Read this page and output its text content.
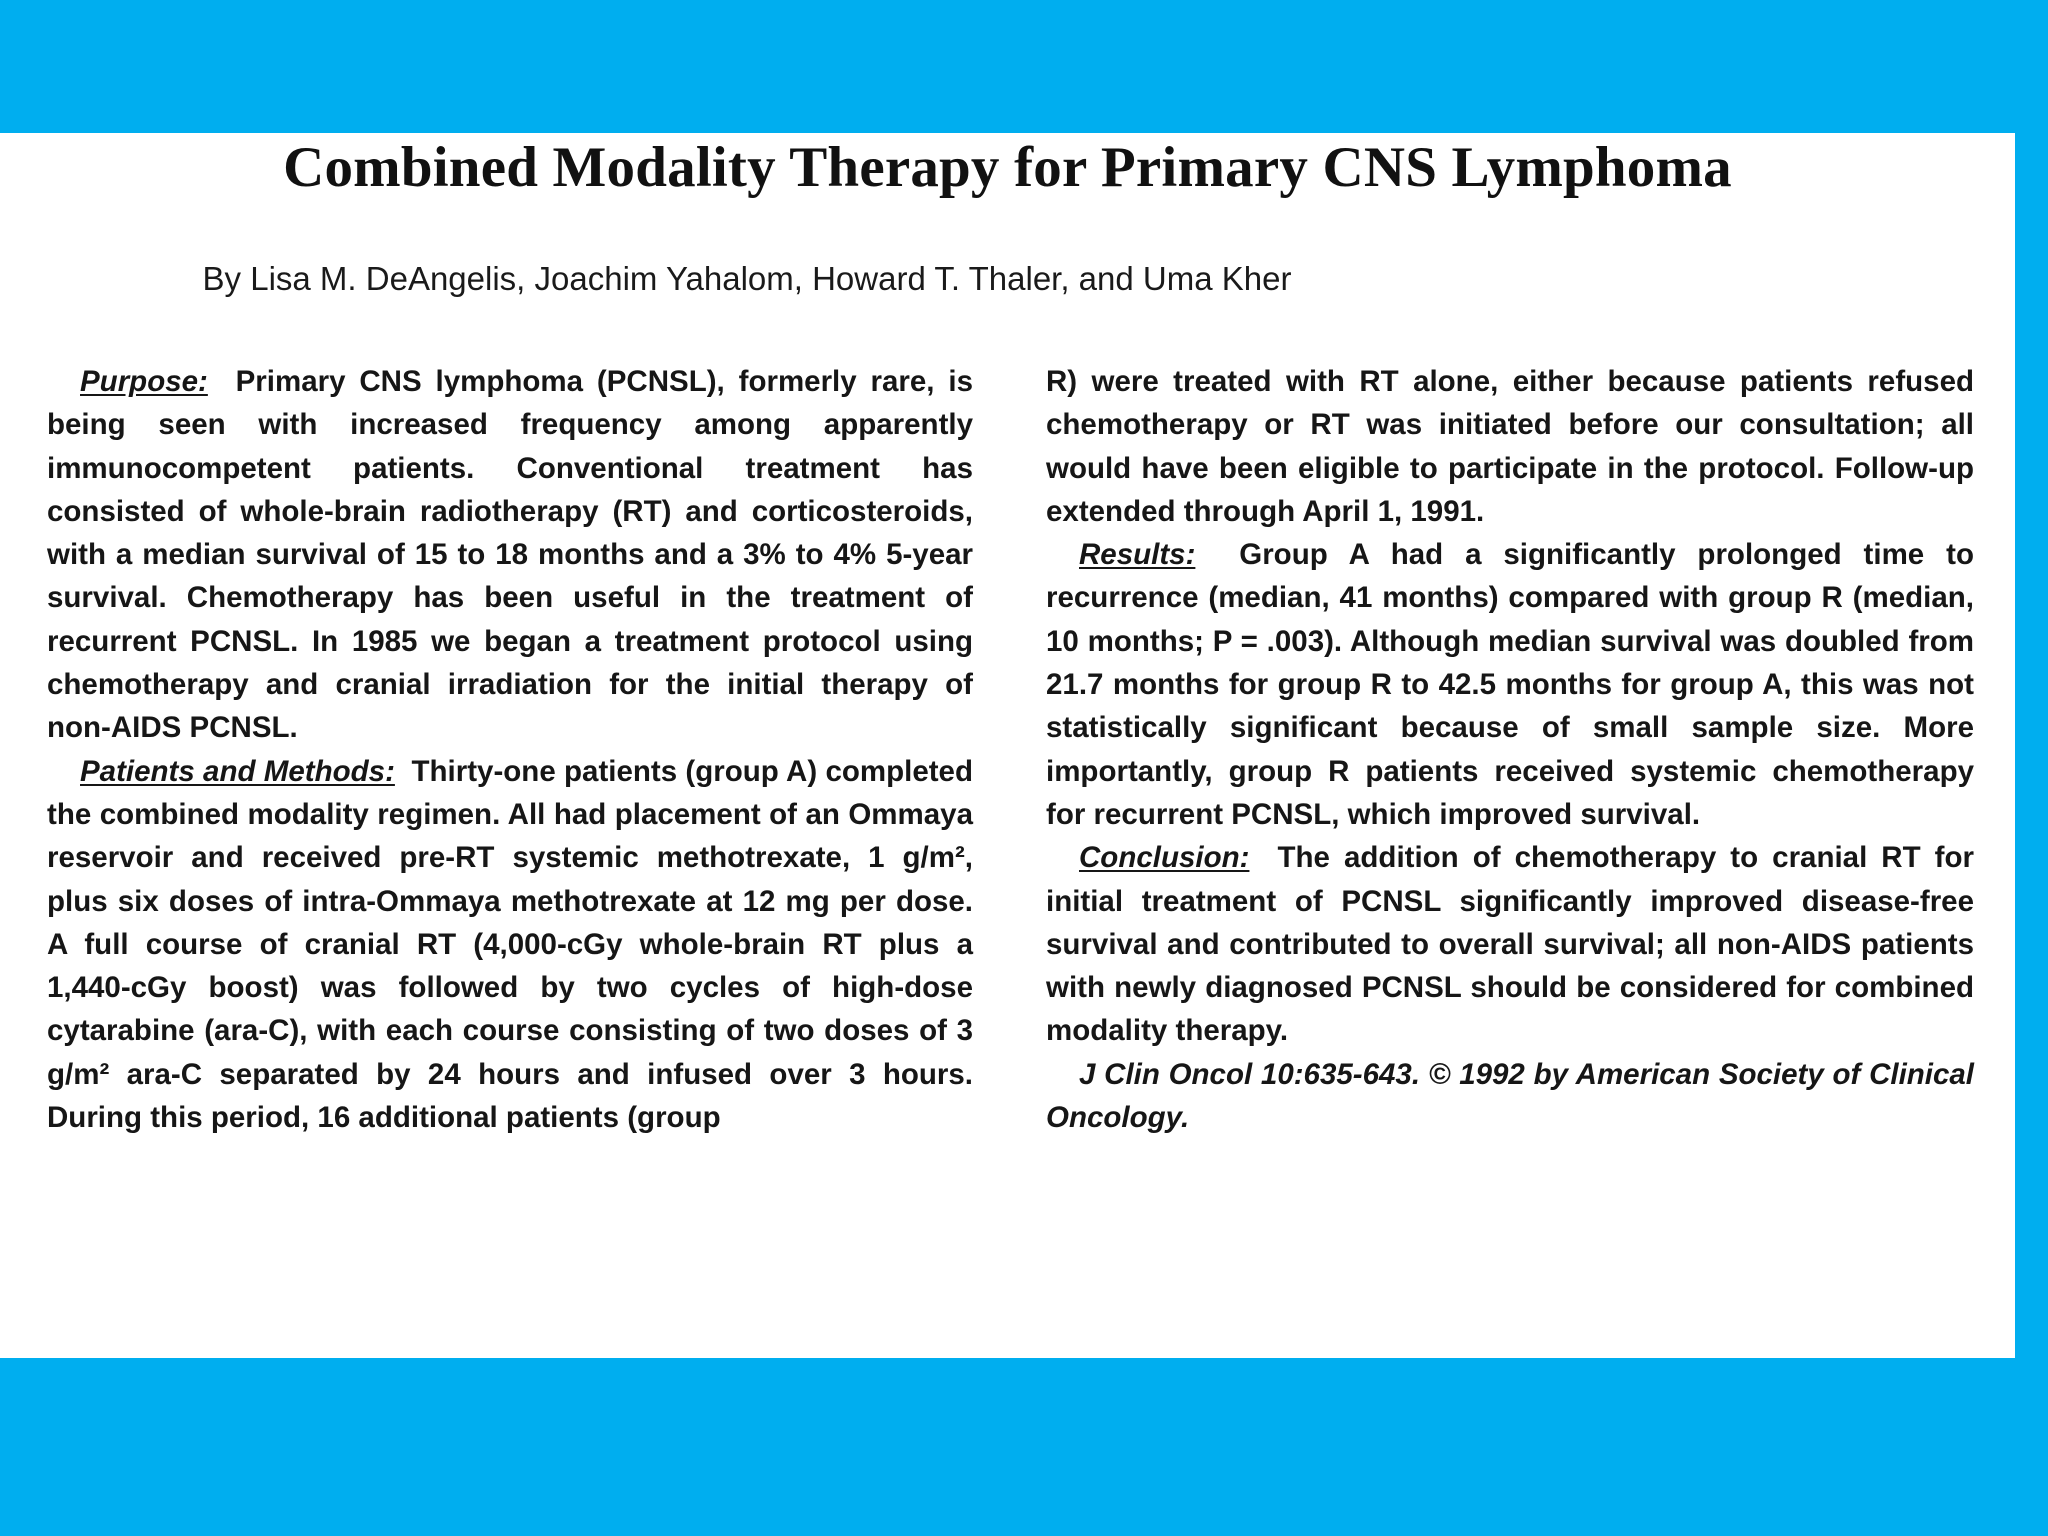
Combined Modality Therapy for Primary CNS Lymphoma

By Lisa M. DeAngelis, Joachim Yahalom, Howard T. Thaler, and Uma Kher

Purpose: Primary CNS lymphoma (PCNSL), formerly rare, is being seen with increased frequency among apparently immunocompetent patients. Conventional treatment has consisted of whole-brain radiotherapy (RT) and corticosteroids, with a median survival of 15 to 18 months and a 3% to 4% 5-year survival. Chemotherapy has been useful in the treatment of recurrent PCNSL. In 1985 we began a treatment protocol using chemotherapy and cranial irradiation for the initial therapy of non-AIDS PCNSL.

Patients and Methods: Thirty-one patients (group A) completed the combined modality regimen. All had placement of an Ommaya reservoir and received pre-RT systemic methotrexate, 1 g/m², plus six doses of intra-Ommaya methotrexate at 12 mg per dose. A full course of cranial RT (4,000-cGy whole-brain RT plus a 1,440-cGy boost) was followed by two cycles of high-dose cytarabine (ara-C), with each course consisting of two doses of 3 g/m² ara-C separated by 24 hours and infused over 3 hours. During this period, 16 additional patients (group

R) were treated with RT alone, either because patients refused chemotherapy or RT was initiated before our consultation; all would have been eligible to participate in the protocol. Follow-up extended through April 1, 1991.

Results: Group A had a significantly prolonged time to recurrence (median, 41 months) compared with group R (median, 10 months; P = .003). Although median survival was doubled from 21.7 months for group R to 42.5 months for group A, this was not statistically significant because of small sample size. More importantly, group R patients received systemic chemotherapy for recurrent PCNSL, which improved survival.

Conclusion: The addition of chemotherapy to cranial RT for initial treatment of PCNSL significantly improved disease-free survival and contributed to overall survival; all non-AIDS patients with newly diagnosed PCNSL should be considered for combined modality therapy.

J Clin Oncol 10:635-643. © 1992 by American Society of Clinical Oncology.
